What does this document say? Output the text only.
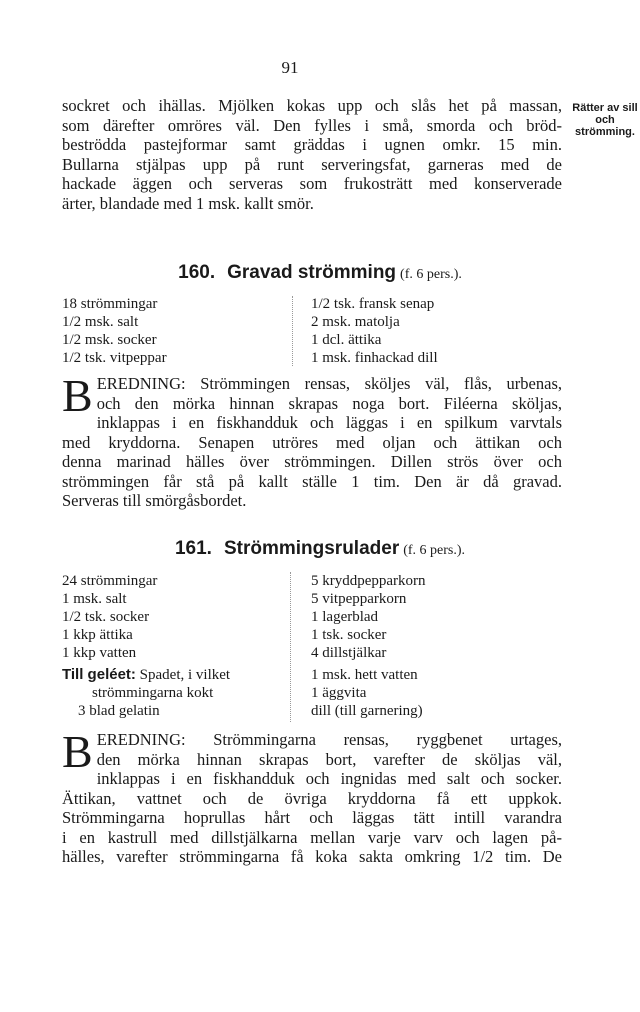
91
Rätter av sill
och
strömming.
sockret och ihällas. Mjölken kokas upp och slås het på massan,
som därefter omröres väl. Den fylles i små, smorda och bröd-
beströdda pastejformar samt gräddas i ugnen omkr. 15 min.
Bullarna stjälpas upp på runt serveringsfat, garneras med de
hackade äggen och serveras som frukosträtt med konserverade
ärter, blandade med 1 msk. kallt smör.
160. Gravad strömming (f. 6 pers.).
18 strömmingar
1/2 msk. salt
1/2 msk. socker
1/2 tsk. vitpeppar
1/2 tsk. fransk senap
2 msk. matolja
1 dcl. ättika
1 msk. finhackad dill
B EREDNING: Strömmingen rensas, sköljes väl, flås, urbenas,
och den mörka hinnan skrapas noga bort. Filéerna sköljas,
inklappas i en fiskhandduk och läggas i en spilkum varvtals
med kryddorna. Senapen utröres med oljan och ättikan och
denna marinad hälles över strömmingen. Dillen strös över och
strömmingen får stå på kallt ställe 1 tim. Den är då gravad.
Serveras till smörgåsbordet.
161. Strömmingsrulader (f. 6 pers.).
24 strömmingar
1 msk. salt
1/2 tsk. socker
1 kkp ättika
1 kkp vatten
Till geléet: Spadet, i vilket
strömmingarna kokt
3 blad gelatin
5 kryddpepparkorn
5 vitpepparkorn
1 lagerblad
1 tsk. socker
4 dillstjälkar
1 msk. hett vatten
1 äggvita
dill (till garnering)
B EREDNING: Strömmingarna rensas, ryggbenet urtages,
den mörka hinnan skrapas bort, varefter de sköljas väl,
inklappas i en fiskhandduk och ingnidas med salt och socker.
Ättikan, vattnet och de övriga kryddorna få ett uppkok.
Strömmingarna hoprullas hårt och läggas tätt intill varandra
i en kastrull med dillstjälkarna mellan varje varv och lagen på-
hälles, varefter strömmingarna få koka sakta omkring 1/2 tim. De
